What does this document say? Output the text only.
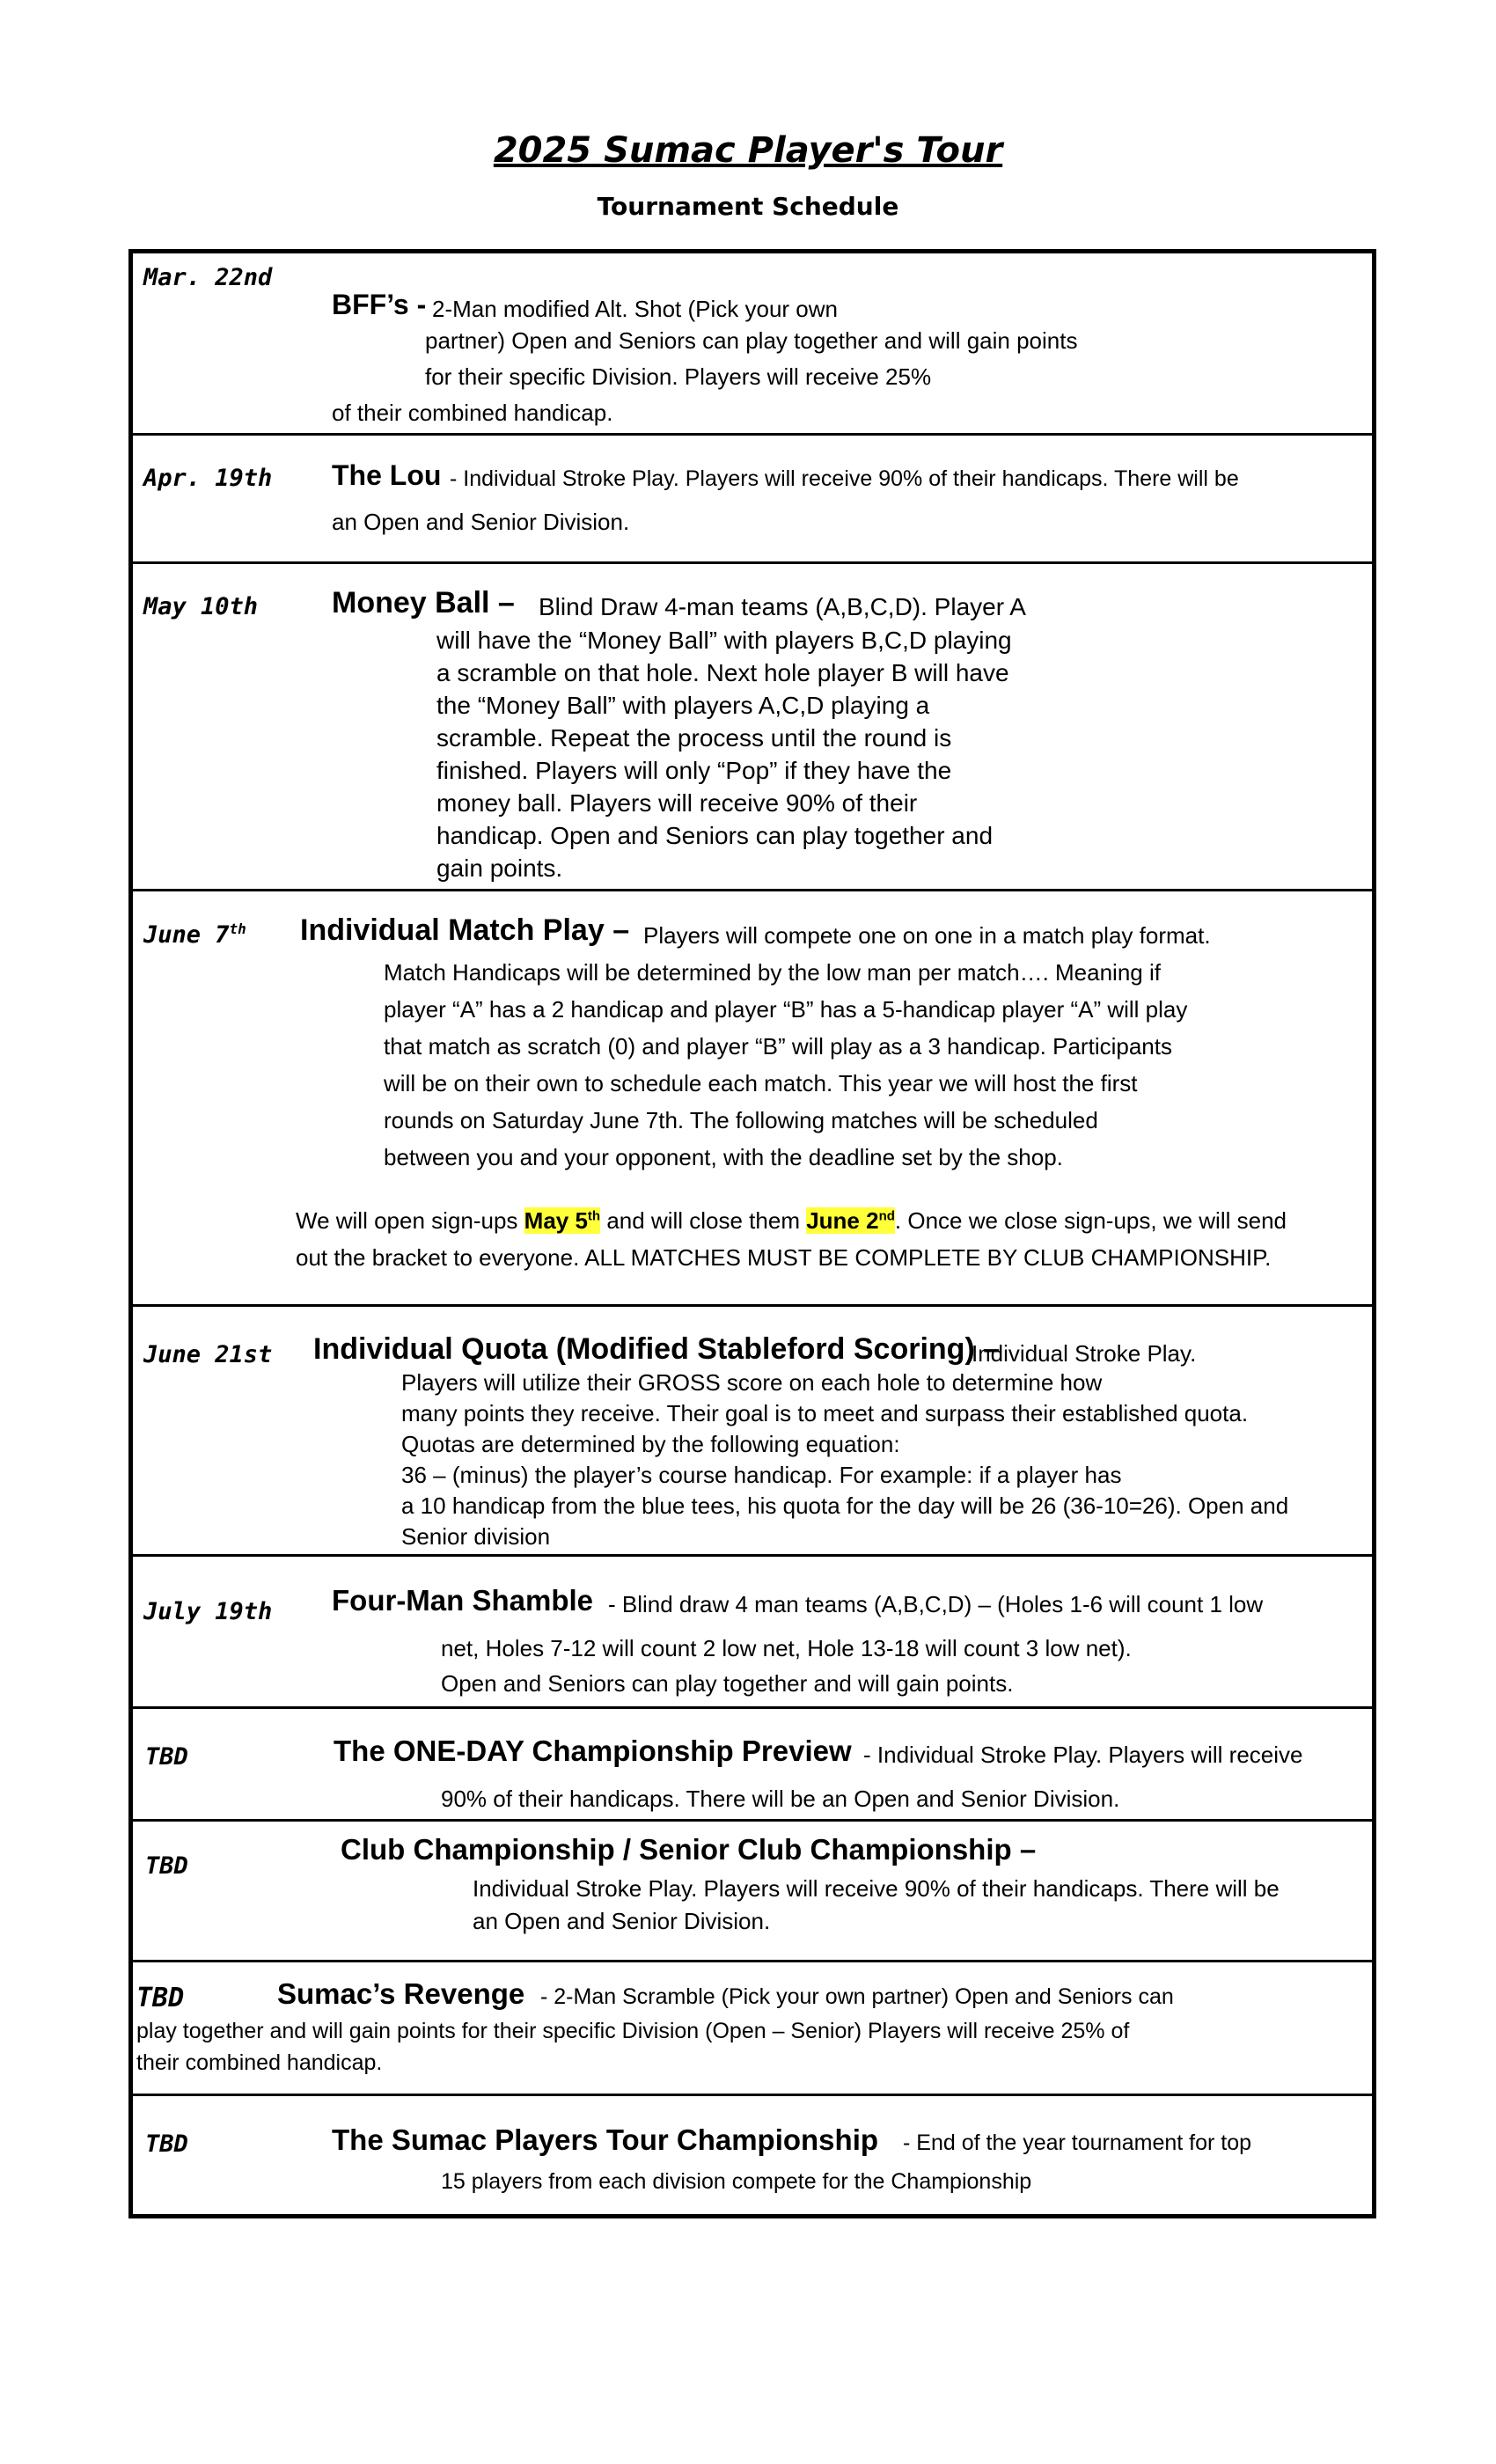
2025 Sumac Player's Tour
Tournament Schedule
Mar. 22nd
BFF’s - 2-Man modified Alt. Shot (Pick your own
partner) Open and Seniors can play together and will gain points
for their specific Division. Players will receive 25%
of their combined handicap.
Apr. 19th The Lou - Individual Stroke Play. Players will receive 90% of their handicaps. There will be
an Open and Senior Division.
May 10th Money Ball – Blind Draw 4-man teams (A,B,C,D). Player A
will have the “Money Ball” with players B,C,D playing
a scramble on that hole. Next hole player B will have
the “Money Ball” with players A,C,D playing a
scramble. Repeat the process until the round is
finished. Players will only “Pop” if they have the
money ball. Players will receive 90% of their
handicap. Open and Seniors can play together and
gain points.
June 7th Individual Match Play – Players will compete one on one in a match play format.
Match Handicaps will be determined by the low man per match…. Meaning if
player “A” has a 2 handicap and player “B” has a 5-handicap player “A” will play
that match as scratch (0) and player “B” will play as a 3 handicap. Participants
will be on their own to schedule each match. This year we will host the first
rounds on Saturday June 7th. The following matches will be scheduled
between you and your opponent, with the deadline set by the shop.
We will open sign-ups May 5th and will close them June 2nd. Once we close sign-ups, we will send
out the bracket to everyone. ALL MATCHES MUST BE COMPLETE BY CLUB CHAMPIONSHIP.
June 21st Individual Quota (Modified Stableford Scoring) –
Individual Stroke Play.
Players will utilize their GROSS score on each hole to determine how
many points they receive. Their goal is to meet and surpass their established quota.
Quotas are determined by the following equation:
36 – (minus) the player’s course handicap. For example: if a player has
a 10 handicap from the blue tees, his quota for the day will be 26 (36-10=26). Open and
Senior division
July 19th Four-Man Shamble - Blind draw 4 man teams (A,B,C,D) – (Holes 1-6 will count 1 low
net, Holes 7-12 will count 2 low net, Hole 13-18 will count 3 low net).
Open and Seniors can play together and will gain points.
TBD	The ONE-DAY Championship Preview - Individual Stroke Play. Players will receive
90% of their handicaps. There will be an Open and Senior Division.
TBD
Club Championship / Senior Club Championship –
Individual Stroke Play. Players will receive 90% of their handicaps. There will be
an Open and Senior Division.
TBD	Sumac’s Revenge - 2-Man Scramble (Pick your own partner) Open and Seniors can
play together and will gain points for their specific Division (Open – Senior) Players will receive 25% of
their combined handicap.
TBD	The Sumac Players Tour Championship - End of the year tournament for top
15 players from each division compete for the Championship
